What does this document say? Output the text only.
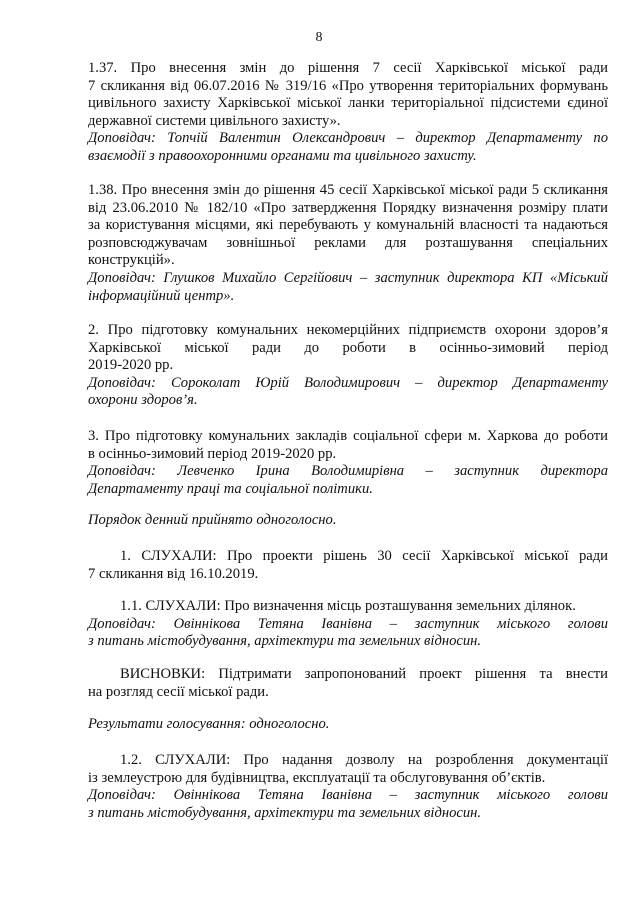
8
1.37. Про внесення змін до рішення 7 сесії Харківської міської ради
7 скликання від 06.07.2016 № 319/16 «Про утворення територіальних формувань
цивільного захисту Харківської міської ланки територіальної підсистеми єдиної
державної системи цивільного захисту».
Доповідач: Топчій Валентин Олександрович – директор Департаменту по
взаємодії з правоохоронними органами та цивільного захисту.
1.38. Про внесення змін до рішення 45 сесії Харківської міської ради 5 скликання
від 23.06.2010 № 182/10 «Про затвердження Порядку визначення розміру плати
за користування місцями, які перебувають у комунальній власності та надаються
розповсюджувачам зовнішньої реклами для розташування спеціальних
конструкцій».
Доповідач: Глушков Михайло Сергійович – заступник директора КП «Міський
інформаційний центр».
2. Про підготовку комунальних некомерційних підприємств охорони здоров’я
Харківської міської ради до роботи в осінньо-зимовий період
2019-2020 рр.
Доповідач: Сороколат Юрій Володимирович – директор Департаменту
охорони здоров’я.
3. Про підготовку комунальних закладів соціальної сфери м. Харкова до роботи
в осінньо-зимовий період 2019-2020 рр.
Доповідач: Левченко Ірина Володимирівна – заступник директора
Департаменту праці та соціальної політики.
Порядок денний прийнято одноголосно.
1. СЛУХАЛИ: Про проекти рішень 30 сесії Харківської міської ради
7 скликання від 16.10.2019.
1.1. СЛУХАЛИ: Про визначення місць розташування земельних ділянок.
Доповідач: Овіннікова Тетяна Іванівна – заступник міського голови
з питань містобудування, архітектури та земельних відносин.
ВИСНОВКИ: Підтримати запропонований проект рішення та внести
на розгляд сесії міської ради.
Результати голосування: одноголосно.
1.2. СЛУХАЛИ: Про надання дозволу на розроблення документації
із землеустрою для будівництва, експлуатації та обслуговування об’єктів.
Доповідач: Овіннікова Тетяна Іванівна – заступник міського голови
з питань містобудування, архітектури та земельних відносин.
